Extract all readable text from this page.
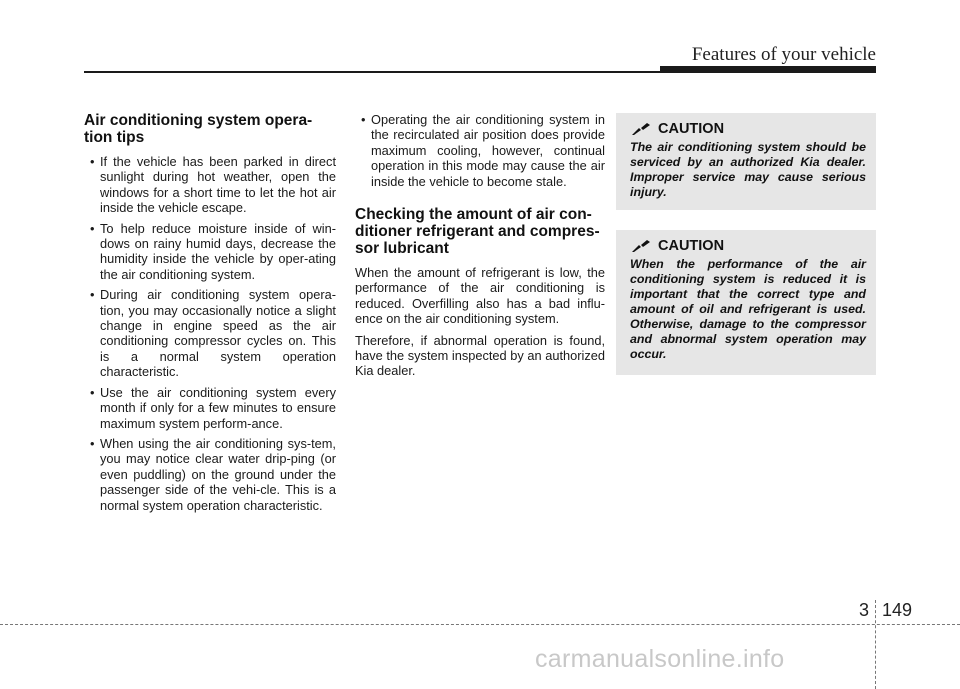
Features of your vehicle
Air conditioning system opera-
tion tips
• If the vehicle has been parked in direct sunlight during hot weather, open the windows for a short time to let the hot air inside the vehicle escape.
• To help reduce moisture inside of win-dows on rainy humid days, decrease the humidity inside the vehicle by oper-ating the air conditioning system.
• During air conditioning system opera-tion, you may occasionally notice a slight change in engine speed as the air conditioning compressor cycles on. This is a normal system operation characteristic.
• Use the air conditioning system every month if only for a few minutes to ensure maximum system perform-ance.
• When using the air conditioning sys-tem, you may notice clear water drip-ping (or even puddling) on the ground under the passenger side of the vehi-cle. This is a normal system operation characteristic.
• Operating the air conditioning system in the recirculated air position does provide maximum cooling, however, continual operation in this mode may cause the air inside the vehicle to become stale.
Checking the amount of air con-
ditioner refrigerant and compres-
sor lubricant

When the amount of refrigerant is low, the performance of the air conditioning is reduced. Overfilling also has a bad influ-ence on the air conditioning system.

Therefore, if abnormal operation is found, have the system inspected by an authorized Kia dealer.

CAUTION

The air conditioning system should be serviced by an authorized Kia dealer. Improper service may cause serious injury.

CAUTION

When the performance of the air conditioning system is reduced it is important that the correct type and amount of oil and refrigerant is used. Otherwise, damage to the compressor and abnormal system operation may occur.

3 149
carmanualsonline.info
